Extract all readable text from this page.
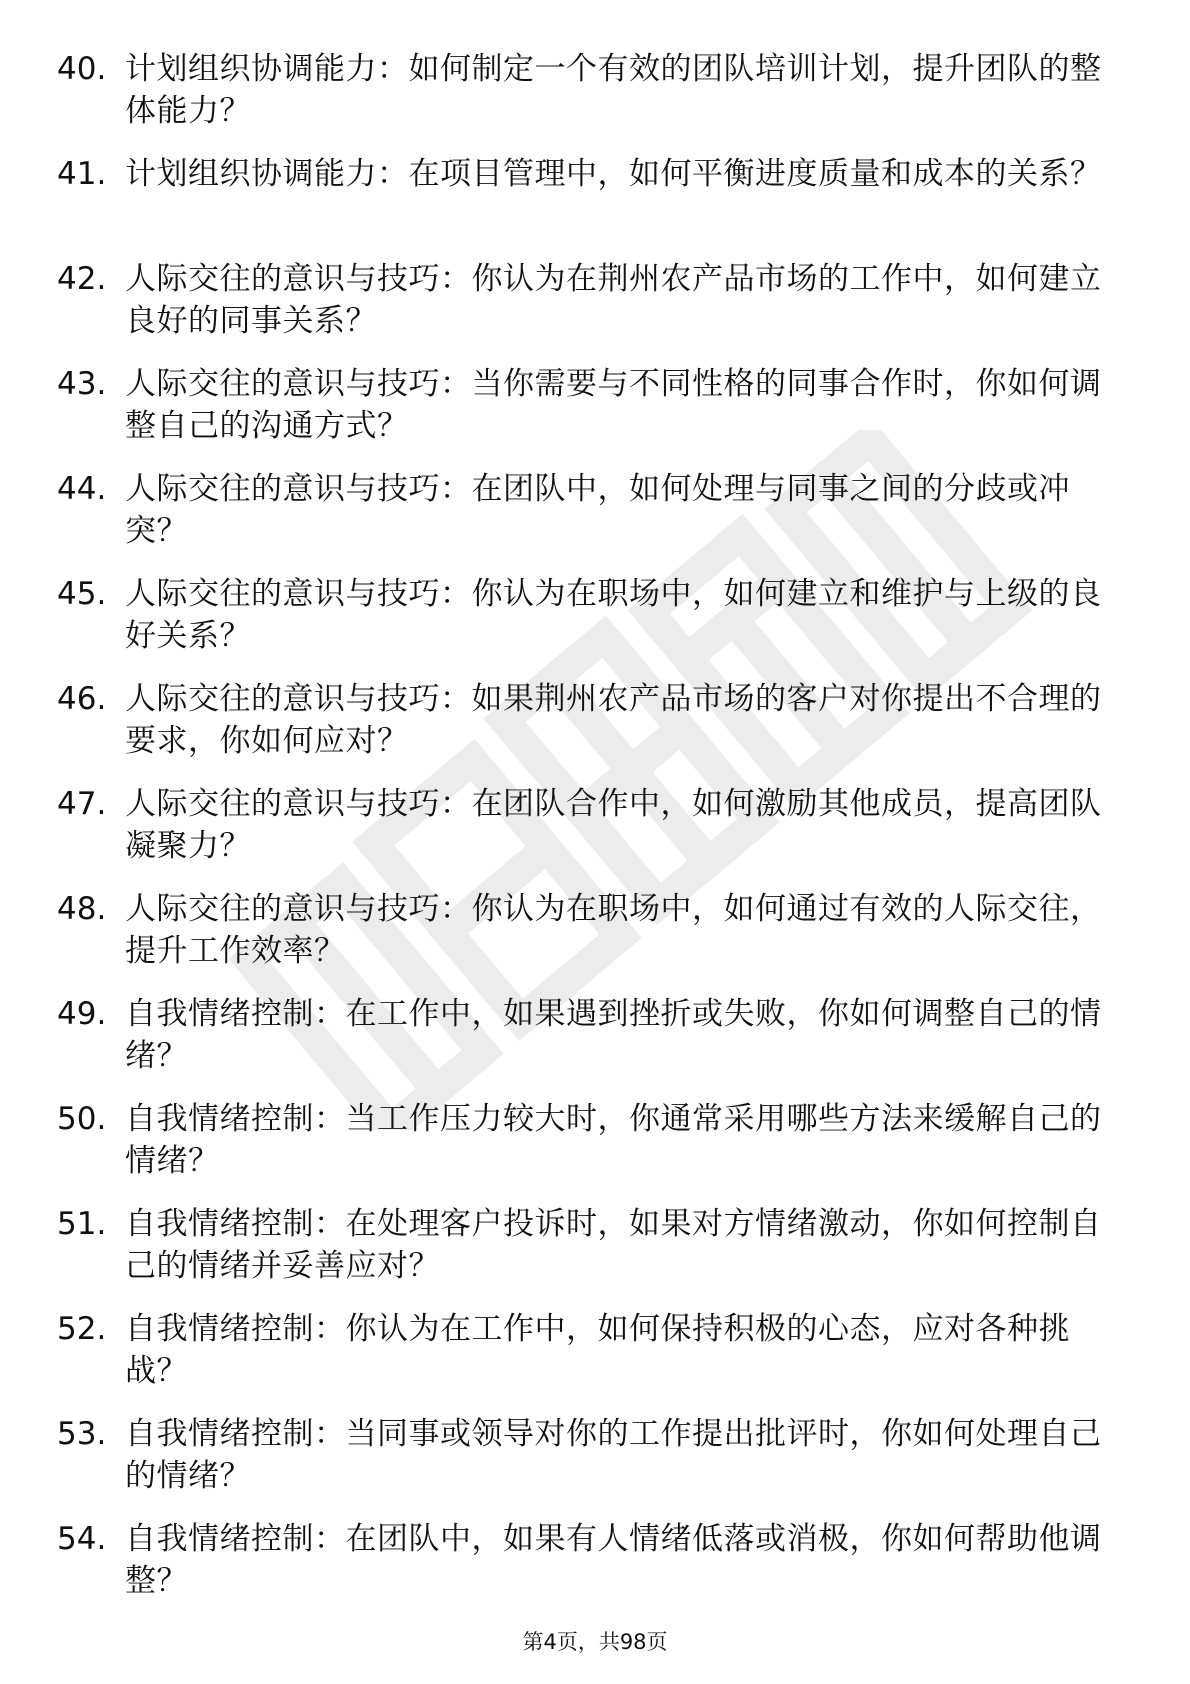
40. 计划组织协调能力：如何制定一个有效的团队培训计划，提升团队的整体能力？
41. 计划组织协调能力：在项目管理中，如何平衡进度质量和成本的关系？
42. 人际交往的意识与技巧：你认为在荆州农产品市场的工作中，如何建立良好的同事关系？
43. 人际交往的意识与技巧：当你需要与不同性格的同事合作时，你如何调整自己的沟通方式？
44. 人际交往的意识与技巧：在团队中，如何处理与同事之间的分歧或冲突？
45. 人际交往的意识与技巧：你认为在职场中，如何建立和维护与上级的良好关系？
46. 人际交往的意识与技巧：如果荆州农产品市场的客户对你提出不合理的要求，你如何应对？
47. 人际交往的意识与技巧：在团队合作中，如何激励其他成员，提高团队凝聚力？
48. 人际交往的意识与技巧：你认为在职场中，如何通过有效的人际交往，提升工作效率？
49. 自我情绪控制：在工作中，如果遇到挫折或失败，你如何调整自己的情绪？
50. 自我情绪控制：当工作压力较大时，你通常采用哪些方法来缓解自己的情绪？
51. 自我情绪控制：在处理客户投诉时，如果对方情绪激动，你如何控制自己的情绪并妥善应对？
52. 自我情绪控制：你认为在工作中，如何保持积极的心态，应对各种挑战？
53. 自我情绪控制：当同事或领导对你的工作提出批评时，你如何处理自己的情绪？
54. 自我情绪控制：在团队中，如果有人情绪低落或消极，你如何帮助他调整？
第4页，共98页
